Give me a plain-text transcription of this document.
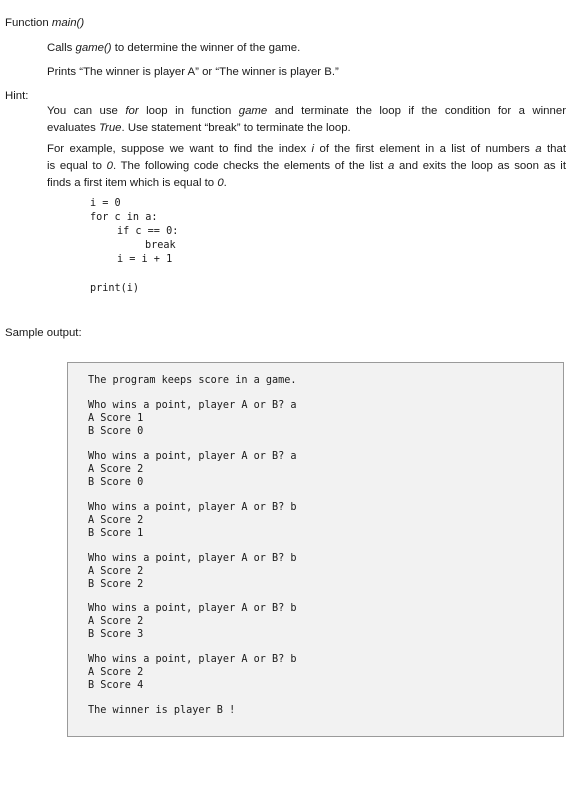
Function main()
Calls game() to determine the winner of the game.
Prints “The winner is player A” or “The winner is player B.”
Hint:
You can use for loop in function game and terminate the loop if the condition for a winner
evaluates True. Use statement “break” to terminate the loop.
For example, suppose we want to find the index i of the first element in a list of numbers a that
is equal to 0. The following code checks the elements of the list a and exits the loop as soon as it
finds a first item which is equal to 0.
i = 0
for c in a:
if c == 0:
break
i = i + 1
print(i)
Sample output:
The program keeps score in a game.
Who wins a point, player A or B? a
A Score 1
B Score 0
Who wins a point, player A or B? a
A Score 2
B Score 0
Who wins a point, player A or B? b
A Score 2
B Score 1
Who wins a point, player A or B? b
A Score 2
B Score 2
Who wins a point, player A or B? b
A Score 2
B Score 3
Who wins a point, player A or B? b
A Score 2
B Score 4
The winner is player B !
